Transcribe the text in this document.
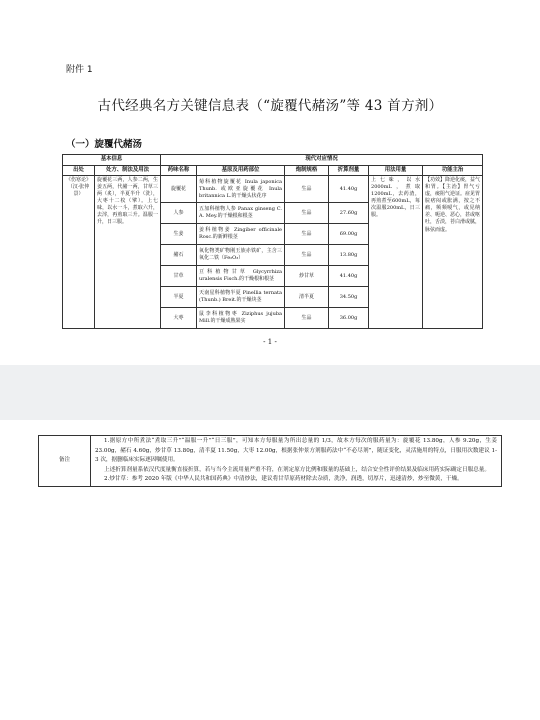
附件 1
古代经典名方关键信息表（“旋覆代赭汤”等 43 首方剂）
（一）旋覆代赭汤
基本信息		现代对应情况					
出处	处方、制法及用法	药味名称	基原及用药部位	炮制规格	折算剂量	用法用量	功能主治
《伤寒论》（汉·张仲景）	旋覆花三两，人参二两，生姜五两，代赭一两，甘草三两（炙），半夏半升（洗），大枣十二枚（擘）。上七味，以水一斗，煮取六升，去滓，再煎取三升。温服一升，日三服。	旋覆花	菊科植物旋覆花 Inula japonica Thunb. 或欧亚旋覆花 Inula britannica L.的干燥头状花序	生品	41.40g	上七味，以水2000mL，煮取1200mL，去药渣，再煎煮至600mL，每次温服200mL，日三服。	【功效】降逆化痰，益气和胃。【主治】胃气亏虚，痰阻气逆证。症见胃脘痞闷或胀满，按之不痛，频频嗳气，或见纳差、呃逆、恶心，甚或呕吐，舌淡，苔白滑或腻，脉弦而虚。
		人参	五加科植物人参 Panax ginseng C. A. Mey.的干燥根和根茎	生品	27.60g		
		生姜	姜科植物姜 Zingiber officinale Rosc.的新鲜根茎	生品	69.00g		
		赭石	氧化物类矿物刚玉族赤铁矿，主含三氧化二铁（Fe₂O₃）	生品	13.80g		
		甘草	豆科植物甘草 Glycyrrhiza uralensis Fisch.的干燥根和根茎	炒甘草	41.40g		
		半夏	天南星科植物半夏 Pinellia ternata (Thunb.) Breit.的干燥块茎	清半夏	34.50g		
		大枣	鼠李科植物枣 Ziziphus jujuba Mill.的干燥成熟果实	生品	36.00g		
- 1 -
备注	

1.据原方中所煮法“煮取三升”“温服一升”“日三服”，可知本方每服量为所出总量的 1/3，故本方每次的服药量为：旋覆花 13.80g，人参 9.20g，生姜 23.00g，赭石 4.60g，炒甘草 13.80g，清半夏 11.50g，大枣 12.00g，根据张仲景方剂服药法中“不必尽剂”，随证变化，灵活施用的特点，日服用次数建议 1-3 次，据删临床实际逐因嘱使用。

上述折算剂量系依汉代度量衡直接折算，若与当今主流用量严重不符，在剂定原方比例和服量的基础上，结合安全性评价结果及临床用药实际确定日服总量。

2.炒甘草：参考 2020 年版《中华人民共和国药典》中清炒法，建议将甘草原药材除去杂质，洗净，润透，切厚片，迅速清炒，炒至微黄，干燥。
